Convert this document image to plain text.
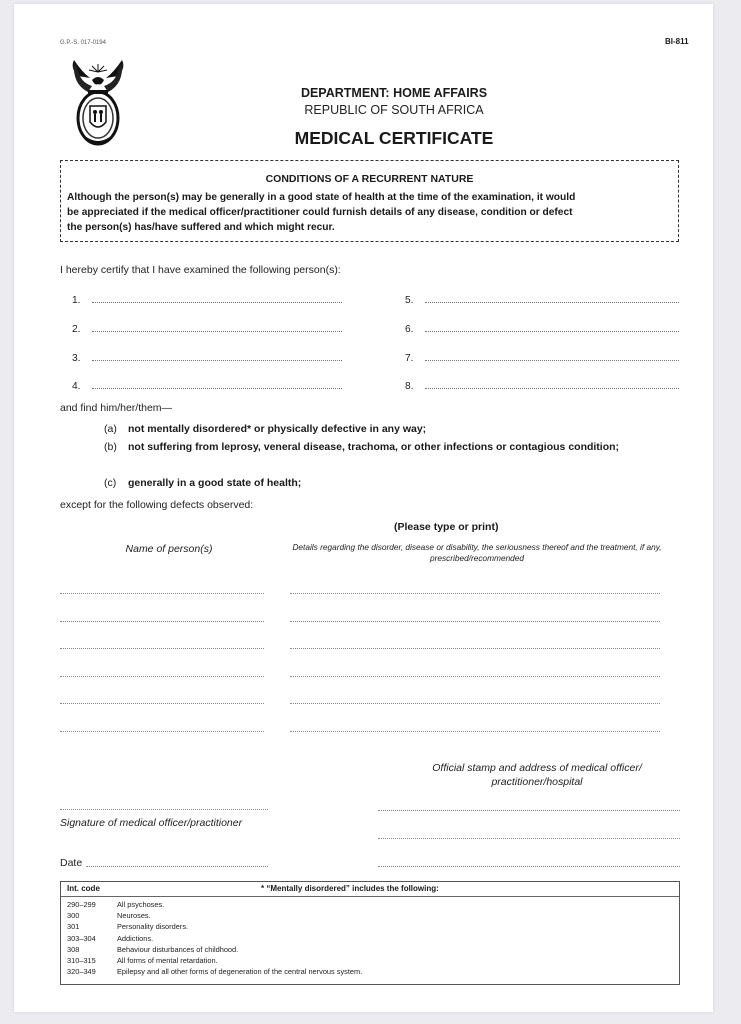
G.P.-S. 017-0194	BI-811
DEPARTMENT: HOME AFFAIRS
REPUBLIC OF SOUTH AFRICA
MEDICAL CERTIFICATE
CONDITIONS OF A RECURRENT NATURE
Although the person(s) may be generally in a good state of health at the time of the examination, it would
be appreciated if the medical officer/practitioner could furnish details of any disease, condition or defect
the person(s) has/have suffered and which might recur.
I hereby certify that I have examined the following person(s):
1.
2.
3.
4.
5.
6.
7.
8.
and find him/her/them—
(a)	not mentally disordered* or physically defective in any way;
(b)	not suffering from leprosy, veneral disease, trachoma, or other infections or contagious condition;
(c)	generally in a good state of health;
except for the following defects observed:
(Please type or print)
Name of person(s)	Details regarding the disorder, disease or disability, the seriousness thereof and the treatment, if any, prescribed/recommended
Official stamp and address of medical officer/ practitioner/hospital
Signature of medical officer/practitioner
Date
Int. code	* “Mentally disordered” includes the following:
290–299	All psychoses.
300	Neuroses.
301	Personality disorders.
303–304	Addictions.
308	Behaviour disturbances of childhood.
310–315	All forms of mental retardation.
320–349	Epilepsy and all other forms of degeneration of the central nervous system.
